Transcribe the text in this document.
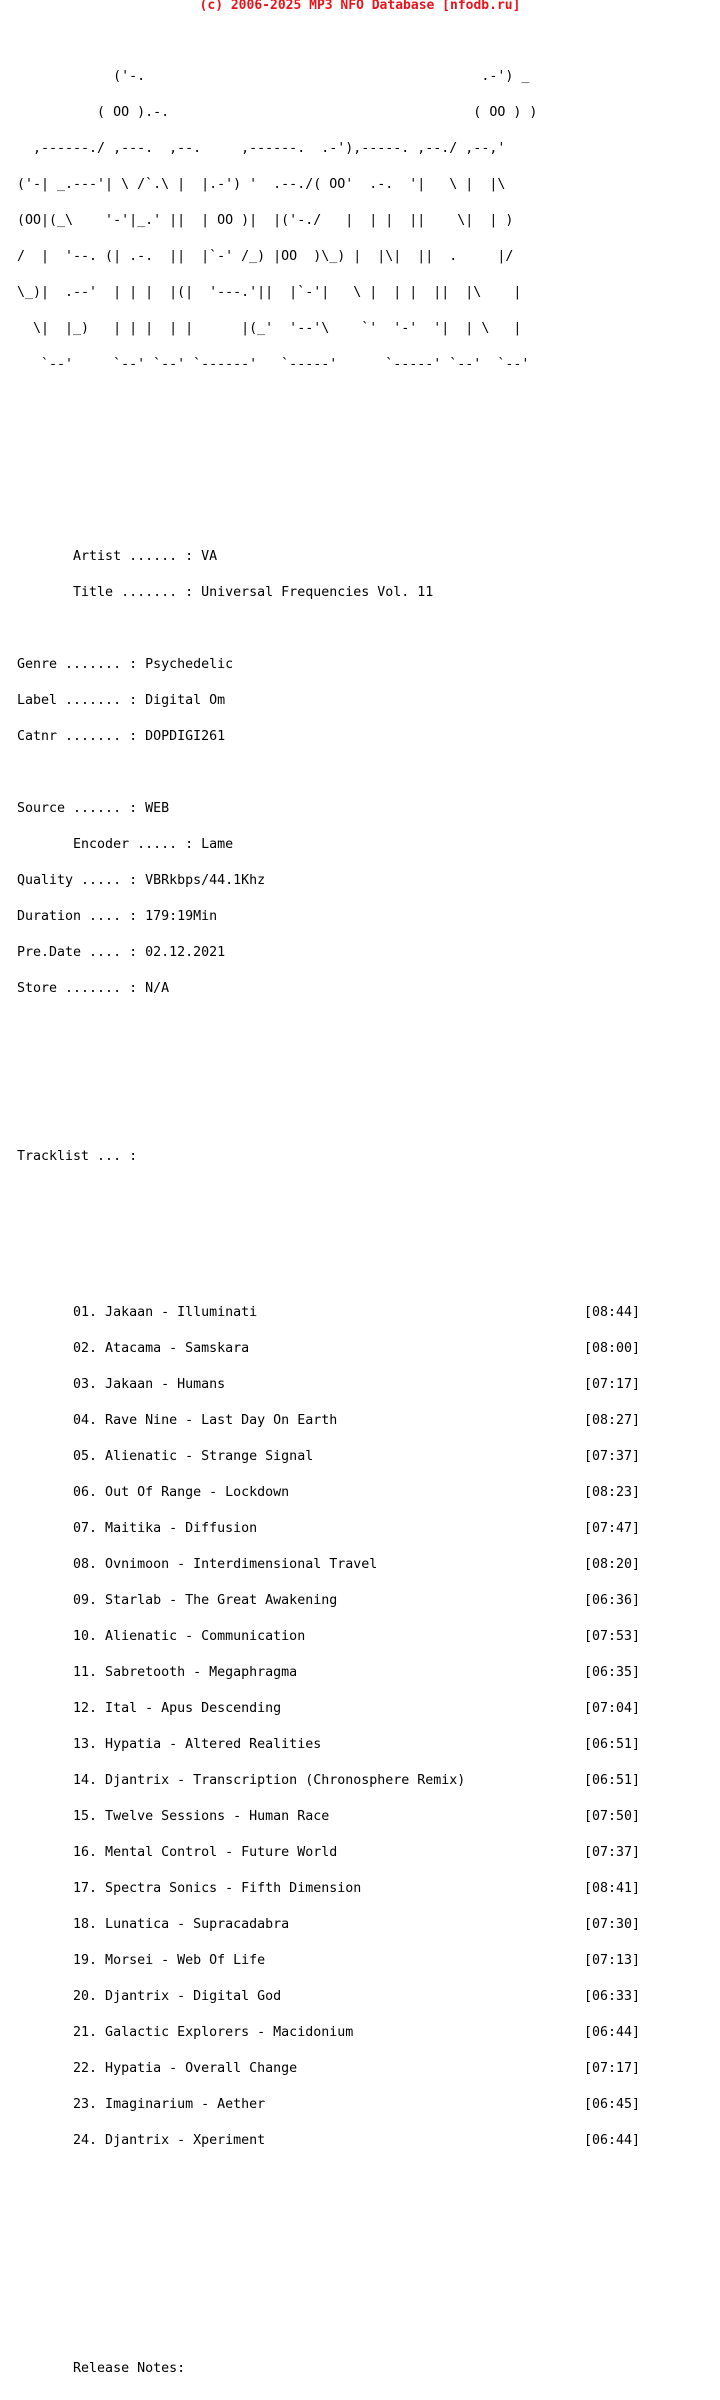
(c) 2006-2025 MP3 NFO Database [nfodb.ru]

('-.                                          .-') _

( OO ).-.                                      ( OO ) )

,------./ ,---.  ,--.     ,------.  .-'),-----. ,--./ ,--,'

('-| _.---'| \ /`.\ |  |.-') '  .--./( OO'  .-.  '|   \ |  |\

(OO|(_\    '-'|_.' ||  | OO )|  |('-./   |  | |  ||    \|  | )

/  |  '--. (| .-.  ||  |`-' /_) |OO  )\_) |  |\|  ||  .     |/

\_)|  .--'  | | |  |(|  '---.'||  |`-'|   \ |  | |  ||  |\    |

\|  |_)   | | |  | |      |(_'  '--'\    `'  '-'  '|  | \   |

`--'     `--' `--' `------'   `-----'      `-----' `--'  `--'

Artist ...... : VA

Title ....... : Universal Frequencies Vol. 11

Genre ....... : Psychedelic

Label ....... : Digital Om

Catnr ....... : DOPDIGI261

Source ...... : WEB

Encoder ..... : Lame

Quality ..... : VBRkbps/44.1Khz

Duration .... : 179:19Min

Pre.Date .... : 02.12.2021

Store ....... : N/A

Tracklist ... :

01. Jakaan - Illuminati	[08:44]

02. Atacama - Samskara	[08:00]

03. Jakaan - Humans	[07:17]

04. Rave Nine - Last Day On Earth	[08:27]

05. Alienatic - Strange Signal	[07:37]

06. Out Of Range - Lockdown	[08:23]

07. Maitika - Diffusion	[07:47]

08. Ovnimoon - Interdimensional Travel	[08:20]

09. Starlab - The Great Awakening	[06:36]

10. Alienatic - Communication	[07:53]

11. Sabretooth - Megaphragma	[06:35]

12. Ital - Apus Descending	[07:04]

13. Hypatia - Altered Realities	[06:51]

14. Djantrix - Transcription (Chronosphere Remix)	[06:51]

15. Twelve Sessions - Human Race	[07:50]

16. Mental Control - Future World	[07:37]

17. Spectra Sonics - Fifth Dimension	[08:41]

18. Lunatica - Supracadabra	[07:30]

19. Morsei - Web Of Life	[07:13]

20. Djantrix - Digital God	[06:33]

21. Galactic Explorers - Macidonium	[06:44]

22. Hypatia - Overall Change	[07:17]

23. Imaginarium - Aether	[06:45]

24. Djantrix - Xperiment	[06:44]

Release Notes:
